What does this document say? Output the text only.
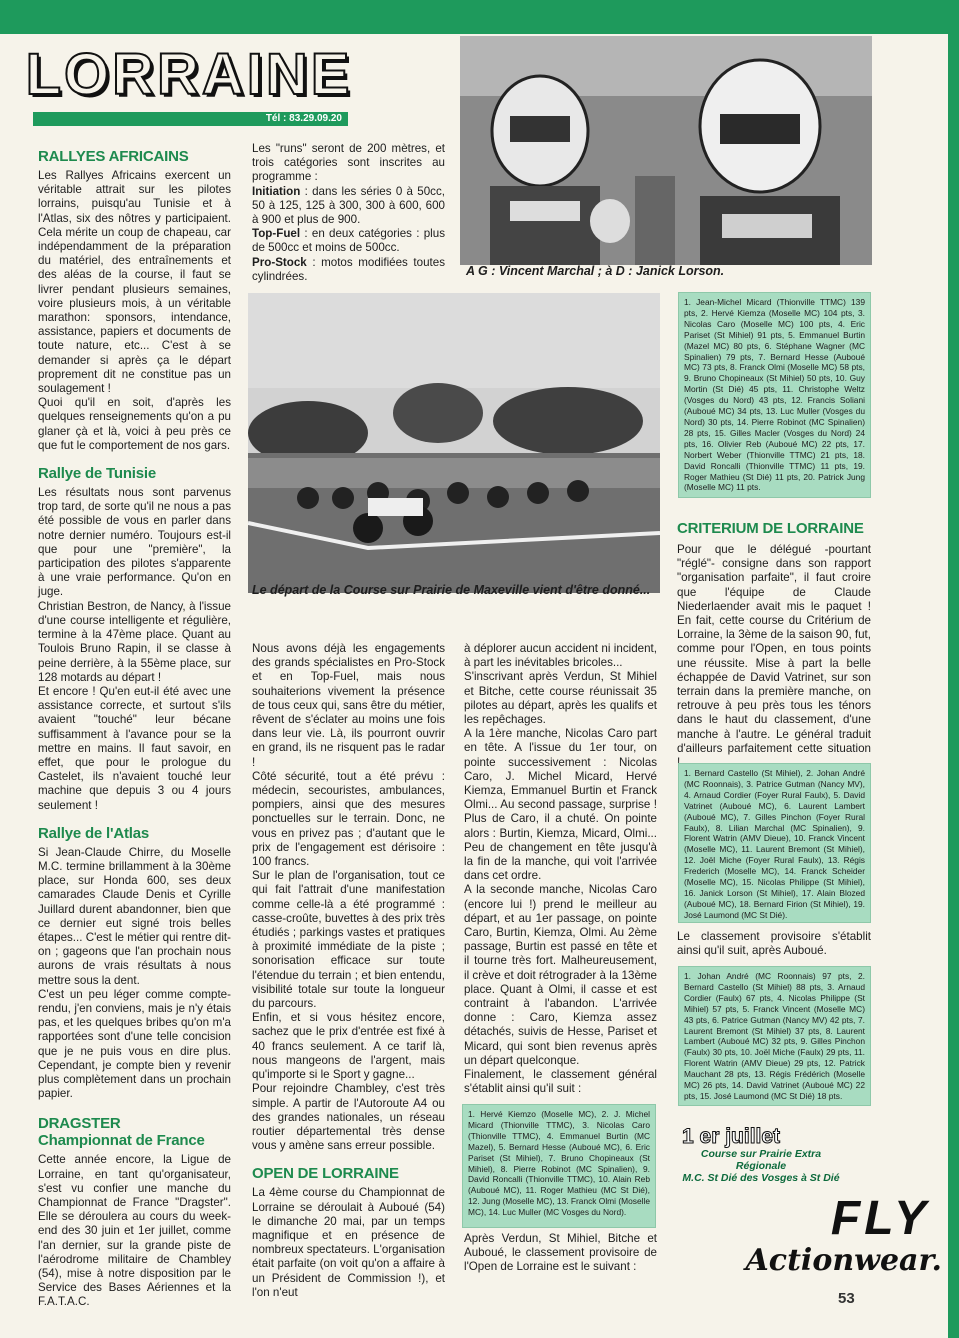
LORRAINE
Tél : 83.29.09.20

RALLYES AFRICAINS

Les Rallyes Africains exercent un véritable attrait sur les pilotes lorrains, puisqu'au Tunisie et à l'Atlas, six des nôtres y participaient. Cela mérite un coup de chapeau, car indépendamment de la préparation du matériel, des entraînements et des aléas de la course, il faut se livrer pendant plusieurs semaines, voire plusieurs mois, à un véritable marathon: sponsors, intendance, assistance, papiers et documents de toute nature, etc... C'est à se demander si après ça le départ proprement dit ne constitue pas un soulagement !

Quoi qu'il en soit, d'après les quelques renseignements qu'on a pu glaner çà et là, voici à peu près ce que fut le comportement de nos gars.

Rallye de Tunisie

Les résultats nous sont parvenus trop tard, de sorte qu'il ne nous a pas été possible de vous en parler dans notre dernier numéro. Toujours est-il que pour une "première", la participation des pilotes s'apparente à une vraie performance. Qu'on en juge.

Christian Bestron, de Nancy, à l'issue d'une course intelligente et régulière, termine à la 47ème place. Quant au Toulois Bruno Rapin, il se classe à peine derrière, à la 55ème place, sur 128 motards au départ !

Et encore ! Qu'en eut-il été avec une assistance correcte, et surtout s'ils avaient "touché" leur bécane suffisamment à l'avance pour se la mettre en mains. Il faut savoir, en effet, que pour le prologue du Castelet, ils n'avaient touché leur machine que depuis 3 ou 4 jours seulement !

Rallye de l'Atlas

Si Jean-Claude Chirre, du Moselle M.C. termine brillamment à la 30ème place, sur Honda 600, ses deux camarades Claude Denis et Cyrille Juillard durent abandonner, bien que ce dernier eut signé trois belles étapes... C'est le métier qui rentre dit-on ; gageons que l'an prochain nous aurons de vrais résultats à nous mettre sous la dent.

C'est un peu léger comme compte-rendu, j'en conviens, mais je n'y étais pas, et les quelques bribes qu'on m'a rapportées sont d'une telle concision que je ne puis vous en dire plus. Cependant, je compte bien y revenir plus complètement dans un prochain papier.

DRAGSTER

Championnat de France

Cette année encore, la Ligue de Lorraine, en tant qu'organisateur, s'est vu confier une manche du Championnat de France "Dragster". Elle se déroulera au cours du week-end des 30 juin et 1er juillet, comme l'an dernier, sur la grande piste de l'aérodrome militaire de Chambley (54), mise à notre disposition par le Service des Bases Aériennes et la F.A.T.A.C.

Les "runs" seront de 200 mètres, et trois catégories sont inscrites au programme :

Initiation : dans les séries 0 à 50cc, 50 à 125, 125 à 300, 300 à 600, 600 à 900 et plus de 900.

Top-Fuel : en deux catégories : plus de 500cc et moins de 500cc.

Pro-Stock : motos modifiées toutes cylindrées.	A G : Vincent Marchal ; à D : Janick Lorson.

Le départ de la Course sur Prairie de Maxeville vient d'être donné...

Nous avons déjà les engagements des grands spécialistes en Pro-Stock et en Top-Fuel, mais nous souhaiterions vivement la présence de tous ceux qui, sans être du métier, rêvent de s'éclater au moins une fois dans leur vie. Là, ils pourront ouvrir en grand, ils ne risquent pas le radar !

Côté sécurité, tout a été prévu : médecin, secouristes, ambulances, pompiers, ainsi que des mesures ponctuelles sur le terrain. Donc, ne vous en privez pas ; d'autant que le prix de l'engagement est dérisoire : 100 francs.

Sur le plan de l'organisation, tout ce qui fait l'attrait d'une manifestation comme celle-là a été programmé : casse-croûte, buvettes à des prix très étudiés ; parkings vastes et pratiques à proximité immédiate de la piste ; sonorisation efficace sur toute l'étendue du terrain ; et bien entendu, visibilité totale sur toute la longueur du parcours.

Enfin, et si vous hésitez encore, sachez que le prix d'entrée est fixé à 40 francs seulement. A ce tarif là, nous mangeons de l'argent, mais qu'importe si le Sport y gagne...

Pour rejoindre Chambley, c'est très simple. A partir de l'Autoroute A4 ou des grandes nationales, un réseau routier départemental très dense vous y amène sans erreur possible.

OPEN DE LORRAINE

La 4ème course du Championnat de Lorraine se déroulait à Auboué (54) le dimanche 20 mai, par un temps magnifique et en présence de nombreux spectateurs. L'organisation était parfaite (on voit qu'on a affaire à un Président de Commission !), et l'on n'eut

à déplorer aucun accident ni incident, à part les inévitables bricoles...

S'inscrivant après Verdun, St Mihiel et Bitche, cette course réunissait 35 pilotes au départ, après les qualifs et les repêchages.

A la 1ère manche, Nicolas Caro part en tête. A l'issue du 1er tour, on pointe successivement : Nicolas Caro, J. Michel Micard, Hervé Kiemza, Emmanuel Burtin et Franck Olmi... Au second passage, surprise ! Plus de Caro, il a chuté. On pointe alors : Burtin, Kiemza, Micard, Olmi... Peu de changement en tête jusqu'à la fin de la manche, qui voit l'arrivée dans cet ordre.

A la seconde manche, Nicolas Caro (encore lui !) prend le meilleur au départ, et au 1er passage, on pointe Caro, Burtin, Kiemza, Olmi. Au 2ème passage, Burtin est passé en tête et il tourne très fort. Malheureusement, il crève et doit rétrograder à la 13ème place. Quant à Olmi, il casse et est contraint à l'abandon. L'arrivée donne : Caro, Kiemza assez détachés, suivis de Hesse, Pariset et Micard, qui sont bien revenus après un départ quelconque.

Finalement, le classement général s'établit ainsi qu'il suit :

1. Hervé Kiemzo (Moselle MC), 2. J. Michel Micard (Thionville TTMC), 3. Nicolas Caro (Thionville TTMC), 4. Emmanuel Burtin (MC Mazel), 5. Bernard Hesse (Auboué MC), 6. Eric Pariset (St Mihiel), 7. Bruno Chopineaux (St Mihiel), 8. Pierre Robinot (MC Spinalien), 9. David Roncalli (Thionville TTMC), 10. Alain Reb (Auboué MC), 11. Roger Mathieu (MC St Dié), 12. Jung (Moselle MC), 13. Franck Olmi (Moselle MC), 14. Luc Muller (MC Vosges du Nord).

Après Verdun, St Mihiel, Bitche et Auboué, le classement provisoire de l'Open de Lorraine est le suivant :

1. Jean-Michel Micard (Thionville TTMC) 139 pts, 2. Hervé Kiemza (Moselle MC) 104 pts, 3. Nicolas Caro (Moselle MC) 100 pts, 4. Eric Pariset (St Mihiel) 91 pts, 5. Emmanuel Burtin (Mazel MC) 80 pts, 6. Stéphane Wagner (MC Spinalien) 79 pts, 7. Bernard Hesse (Auboué MC) 73 pts, 8. Franck Olmi (Moselle MC) 58 pts, 9. Bruno Chopineaux (St Mihiel) 50 pts, 10. Guy Mortin (St Dié) 45 pts, 11. Christophe Weltz (Vosges du Nord) 43 pts, 12. Francis Soliani (Auboué MC) 34 pts, 13. Luc Muller (Vosges du Nord) 30 pts, 14. Pierre Robinot (MC Spinalien) 28 pts, 15. Gilles Macler (Vosges du Nord) 24 pts, 16. Olivier Reb (Auboué MC) 22 pts, 17. Norbert Weber (Thionville TTMC) 21 pts, 18. David Roncalli (Thionville TTMC) 11 pts, 19. Roger Mathieu (St Dié) 11 pts, 20. Patrick Jung (Moselle MC) 11 pts.

CRITERIUM DE LORRAINE

Pour que le délégué -pourtant "réglé"- consigne dans son rapport "organisation parfaite", il faut croire que l'équipe de Claude Niederlaender avait mis le paquet ! En fait, cette course du Critérium de Lorraine, la 3ème de la saison 90, fut, comme pour l'Open, en tous points une réussite. Mise à part la belle échappée de David Vatrinet, sur son terrain dans la première manche, on retrouve à peu près tous les ténors dans le haut du classement, d'une manche à l'autre. Le général traduit d'ailleurs parfaitement cette situation

1. Bernard Castello (St Mihiel), 2. Johan André (MC Roonnais), 3. Patrice Gutman (Nancy MV), 4. Arnaud Cordier (Foyer Rural Faulx), 5. David Vatrinet (Auboué MC), 6. Laurent Lambert (Auboué MC), 7. Gilles Pinchon (Foyer Rural Faulx), 8. Lilian Marchal (MC Spinalien), 9. Florent Watrin (AMV Dieue), 10. Franck Vincent (Moselle MC), 11. Laurent Bremont (St Mihiel), 12. Joël Miche (Foyer Rural Faulx), 13. Régis Frederich (Moselle MC), 14. Franck Scheider (Moselle MC), 15. Nicolas Philippe (St Mihiel), 16. Janick Lorson (St Mihiel), 17. Alain Blozed (Auboué MC), 18. Bernard Firion (St Mihiel), 19. José Laumond (MC St Dié).

Le classement provisoire s'établit ainsi qu'il suit, après Auboué.

1. Johan André (MC Roonnais) 97 pts, 2. Bernard Castello (St Mihiel) 88 pts, 3. Arnaud Cordier (Faulx) 67 pts, 4. Nicolas Philippe (St Mihiel) 57 pts, 5. Franck Vincent (Moselle MC) 43 pts, 6. Patrice Gutman (Nancy MV) 42 pts, 7. Laurent Bremont (St Mihiel) 37 pts, 8. Laurent Lambert (Auboué MC) 32 pts, 9. Gilles Pinchon (Faulx) 30 pts, 10. Joël Miche (Faulx) 29 pts, 11. Florent Watrin (AMV Dieue) 29 pts, 12. Patrick Mauchant 28 pts, 13. Régis Frédérich (Moselle MC) 26 pts, 14. David Vatrinet (Auboué MC) 22 pts, 15. José Laumond (MC St Dié) 18 pts.

1 er juillet

Course sur Prairie Extra Régionale

M.C. St Dié des Vosges à St Dié

FLY

Actionwear.

53
